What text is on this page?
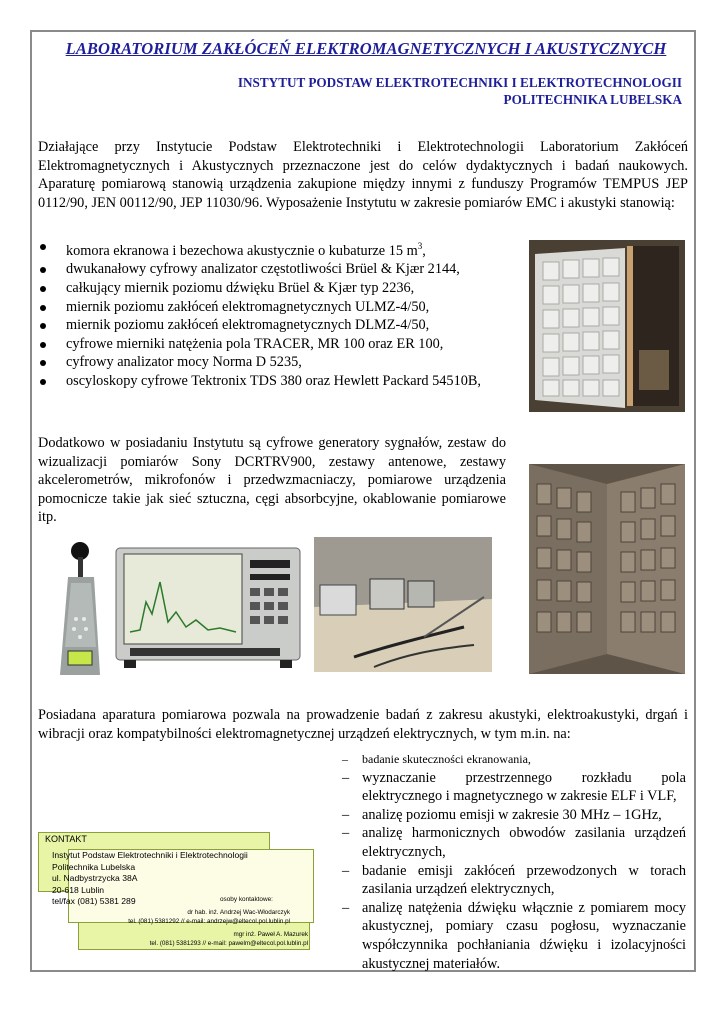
LABORATORIUM ZAKŁÓCEŃ ELEKTROMAGNETYCZNYCH I AKUSTYCZNYCH
INSTYTUT PODSTAW ELEKTROTECHNIKI I ELEKTROTECHNOLOGII
POLITECHNIKA LUBELSKA

Działające przy Instytucie Podstaw Elektrotechniki i Elektrotechnologii Laboratorium Zakłóceń Elektromagnetycznych i Akustycznych przeznaczone jest do celów dydaktycznych i badań naukowych. Aparaturę pomiarową stanowią urządzenia zakupione między innymi z funduszy Programów TEMPUS JEP 0112/90, JEN 00112/90, JEP 11030/96. Wyposażenie Instytutu w zakresie pomiarów EMC i akustyki stanowią:

komora ekranowa i bezechowa akustycznie o kubaturze 15 $m^3$,
dwukanałowy cyfrowy analizator częstotliwości Brüel & Kjær 2144,
całkujący miernik poziomu dźwięku Brüel & Kjær typ 2236,
miernik poziomu zakłóceń elektromagnetycznych ULMZ-4/50,
miernik poziomu zakłóceń elektromagnetycznych DLMZ-4/50,
cyfrowe mierniki natężenia pola TRACER, MR 100 oraz ER 100,
cyfrowy analizator mocy Norma D 5235,
oscyloskopy cyfrowe Tektronix TDS 380 oraz Hewlett Packard 54510B,

Dodatkowo w posiadaniu Instytutu są cyfrowe generatory sygnałów, zestaw do wizualizacji pomiarów Sony DCRTRV900, zestawy antenowe, zestawy akcelerometrów, mikrofonów i przedwzmacniaczy, pomiarowe urządzenia pomocnicze takie jak sieć sztuczna, cęgi absorbcyjne, okablowanie pomiarowe itp.

Posiadana aparatura pomiarowa pozwala na prowadzenie badań z zakresu akustyki, elektroakustyki, drgań i wibracji oraz kompatybilności elektromagnetycznej urządzeń elektrycznych, w tym m.in. na:

– badanie skuteczności ekranowania,
– wyznaczanie przestrzennego rozkładu pola elektrycznego i magnetycznego w zakresie ELF i VLF,
– analizę poziomu emisji w zakresie 30 MHz – 1GHz,
– analizę harmonicznych obwodów zasilania urządzeń elektrycznych,
– badanie emisji zakłóceń przewodzonych w torach zasilania urządzeń elektrycznych,
– analizę natężenia dźwięku włącznie z pomiarem mocy akustycznej, pomiary czasu pogłosu, wyznaczanie współczynnika pochłaniania dźwięku i izolacyjności akustycznej materiałów.
KONTAKT
Instytut Podstaw Elektrotechniki i Elektrotechnologii
Politechnika Lubelska
ul. Nadbystrzycka 38A
20-618 Lublin
tel/fax (081) 5381 289	osoby kontaktowe:
dr hab. inż. Andrzej Wac-Włodarczyk
tel. (081) 5381292 // e-mail: andrzejw@eltecol.pol.lublin.pl
mgr inż. Paweł A. Mazurek
tel. (081) 5381293 // e-mail: pawelm@eltecol.pol.lublin.pl
